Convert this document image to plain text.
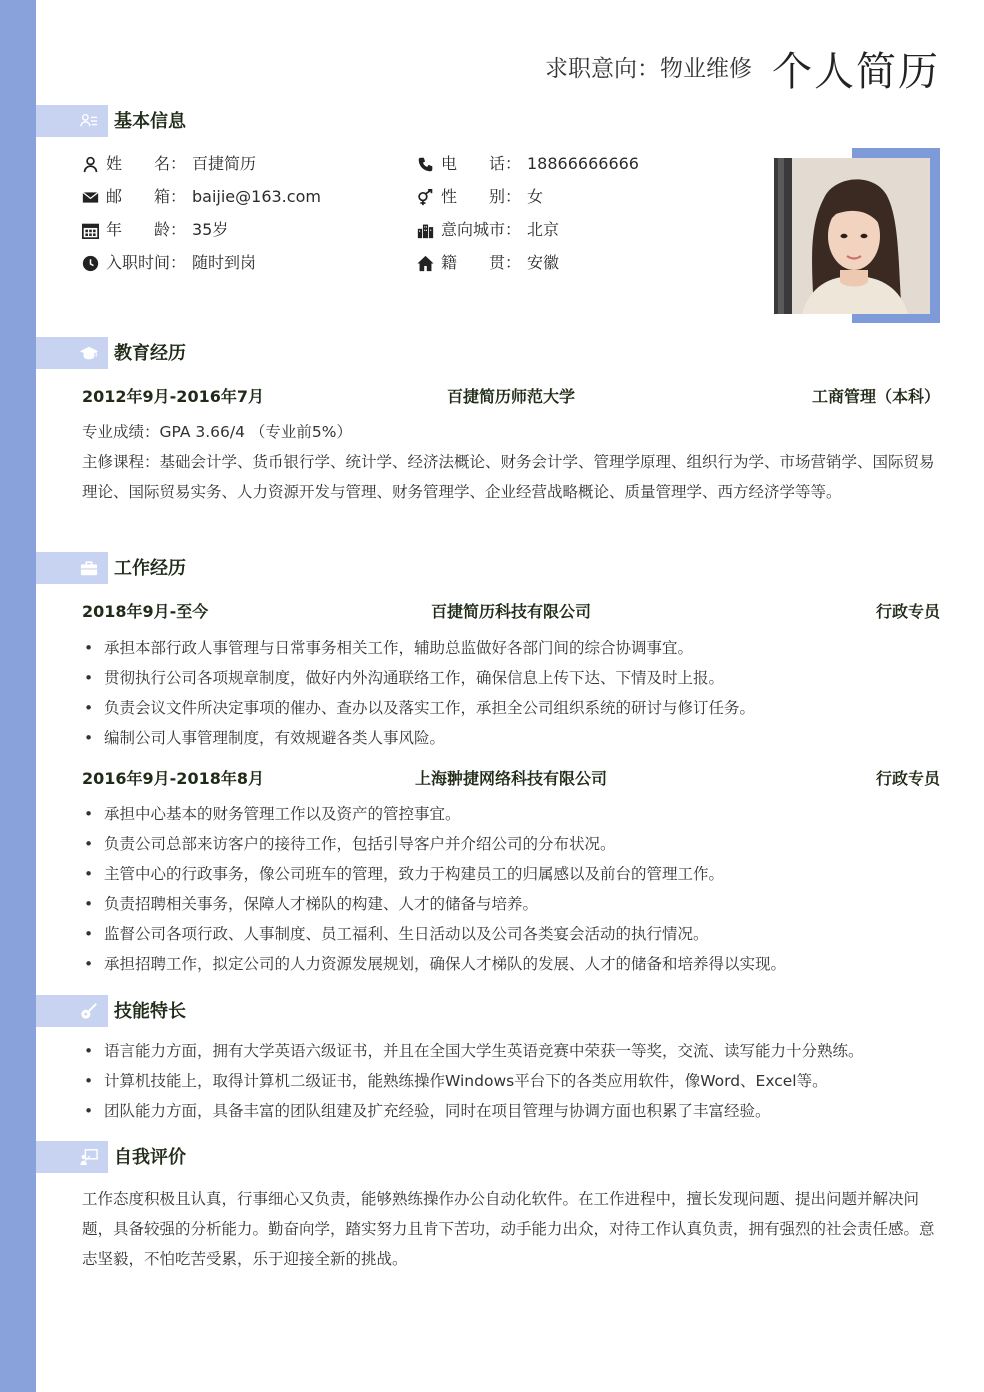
求职意向：物业维修 个人简历
基本信息
姓　　名： 百捷简历	电　　话： 18866666666
邮　　箱： baijie@163.com	性　　别： 女
年　　龄： 35岁	意向城市： 北京
入职时间： 随时到岗	籍　　贯： 安徽
教育经历
2012年9月-2016年7月	百捷简历师范大学	工商管理（本科）
专业成绩：GPA 3.66/4 （专业前5%）
主修课程：基础会计学、货币银行学、统计学、经济法概论、财务会计学、管理学原理、组织行为学、市场营销学、国际贸易理论、国际贸易实务、人力资源开发与管理、财务管理学、企业经营战略概论、质量管理学、西方经济学等等。
工作经历
2018年9月-至今	百捷简历科技有限公司	行政专员
• 承担本部行政人事管理与日常事务相关工作，辅助总监做好各部门间的综合协调事宜。
• 贯彻执行公司各项规章制度，做好内外沟通联络工作，确保信息上传下达、下情及时上报。
• 负责会议文件所决定事项的催办、查办以及落实工作，承担全公司组织系统的研讨与修订任务。
• 编制公司人事管理制度，有效规避各类人事风险。
2016年9月-2018年8月	上海翀捷网络科技有限公司	行政专员
• 承担中心基本的财务管理工作以及资产的管控事宜。
• 负责公司总部来访客户的接待工作，包括引导客户并介绍公司的分布状况。
• 主管中心的行政事务，像公司班车的管理，致力于构建员工的归属感以及前台的管理工作。
• 负责招聘相关事务，保障人才梯队的构建、人才的储备与培养。
• 监督公司各项行政、人事制度、员工福利、生日活动以及公司各类宴会活动的执行情况。
• 承担招聘工作，拟定公司的人力资源发展规划，确保人才梯队的发展、人才的储备和培养得以实现。
技能特长
• 语言能力方面，拥有大学英语六级证书，并且在全国大学生英语竞赛中荣获一等奖，交流、读写能力十分熟练。
• 计算机技能上，取得计算机二级证书，能熟练操作Windows平台下的各类应用软件，像Word、Excel等。
• 团队能力方面，具备丰富的团队组建及扩充经验，同时在项目管理与协调方面也积累了丰富经验。
自我评价
工作态度积极且认真，行事细心又负责，能够熟练操作办公自动化软件。在工作进程中，擅长发现问题、提出问题并解决问题，具备较强的分析能力。勤奋向学，踏实努力且肯下苦功，动手能力出众，对待工作认真负责，拥有强烈的社会责任感。意志坚毅，不怕吃苦受累，乐于迎接全新的挑战。
